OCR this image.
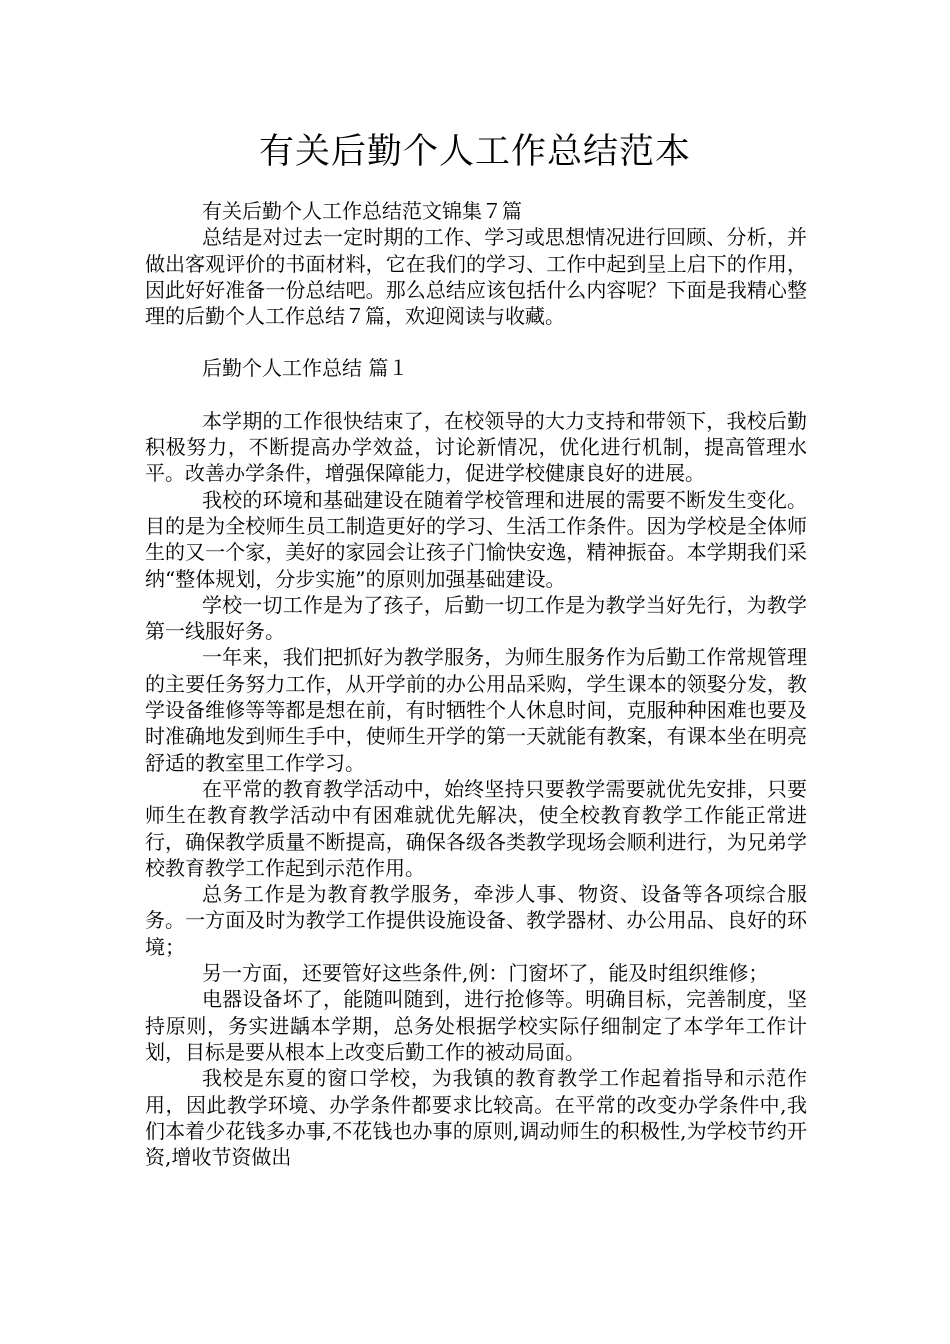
有关后勤个人工作总结范本

有关后勤个人工作总结范文锦集７篇

总结是对过去一定时期的工作、学习或思想情况进行回顾、分析，并做出客观评价的书面材料，它在我们的学习、工作中起到呈上启下的作用，因此好好准备一份总结吧。那么总结应该包括什么内容呢？下面是我精心整理的后勤个人工作总结７篇，欢迎阅读与收藏。

后勤个人工作总结 篇１

本学期的工作很快结束了，在校领导的大力支持和带领下，我校后勤积极努力，不断提高办学效益，讨论新情况，优化进行机制，提高管理水平。改善办学条件，增强保障能力，促进学校健康良好的进展。

我校的环境和基础建设在随着学校管理和进展的需要不断发生变化。目的是为全校师生员工制造更好的学习、生活工作条件。因为学校是全体师生的又一个家，美好的家园会让孩子门愉快安逸，精神振奋。本学期我们采纳“整体规划，分步实施”的原则加强基础建设。

学校一切工作是为了孩子，后勤一切工作是为教学当好先行，为教学第一线服好务。

一年来，我们把抓好为教学服务，为师生服务作为后勤工作常规管理的主要任务努力工作，从开学前的办公用品采购，学生课本的领娶分发，教学设备维修等等都是想在前，有时牺牲个人休息时间，克服种种困难也要及时准确地发到师生手中，使师生开学的第一天就能有教案，有课本坐在明亮舒适的教室里工作学习。

在平常的教育教学活动中，始终坚持只要教学需要就优先安排，只要师生在教育教学活动中有困难就优先解决，使全校教育教学工作能正常进行，确保教学质量不断提高，确保各级各类教学现场会顺利进行，为兄弟学校教育教学工作起到示范作用。

总务工作是为教育教学服务，牵涉人事、物资、设备等各项综合服务。一方面及时为教学工作提供设施设备、教学器材、办公用品、良好的环境；

另一方面，还要管好这些条件,例：门窗坏了，能及时组织维修；

电器设备坏了，能随叫随到，进行抢修等。明确目标，完善制度，坚持原则，务实进龋本学期，总务处根据学校实际仔细制定了本学年工作计划，目标是要从根本上改变后勤工作的被动局面。

我校是东夏的窗口学校，为我镇的教育教学工作起着指导和示范作用，因此教学环境、办学条件都要求比较高。在平常的改变办学条件中,我们本着少花钱多办事,不花钱也办事的原则,调动师生的积极性,为学校节约开资,增收节资做出
